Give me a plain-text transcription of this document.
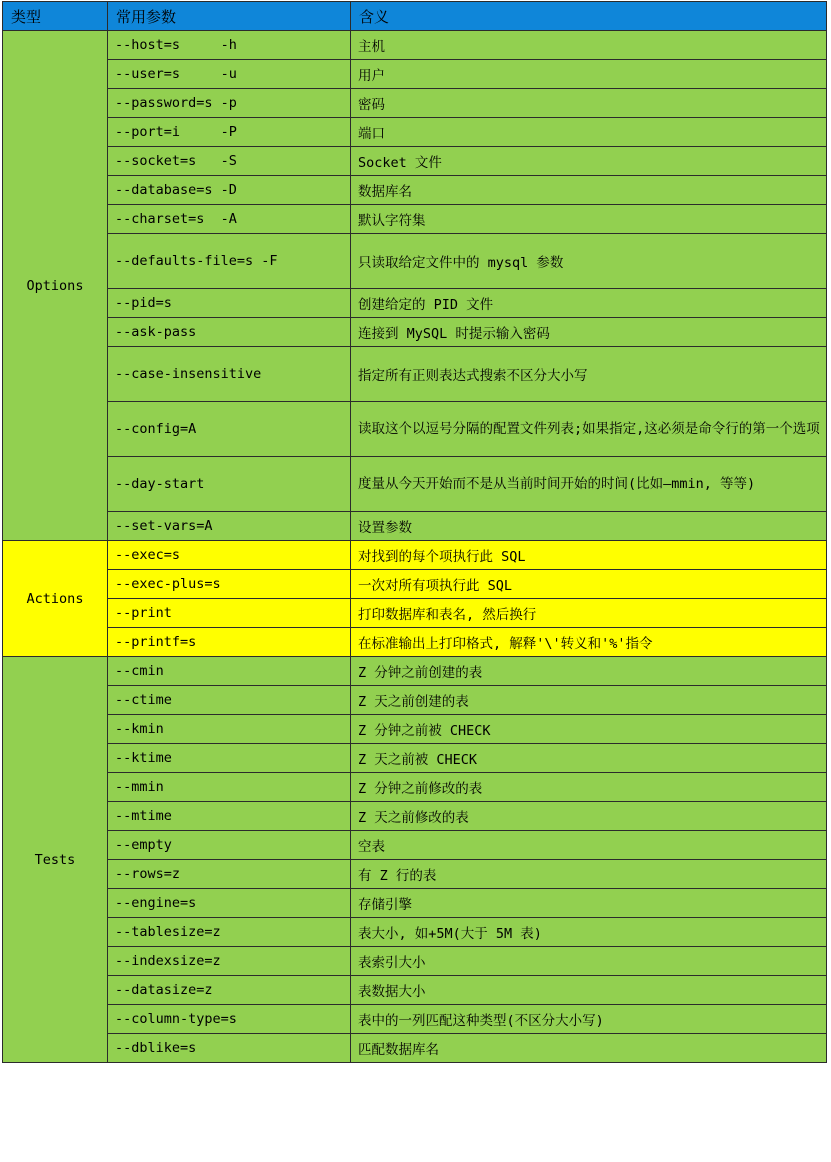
类型	常用参数	含义
Options	--host=s     -h	主机
	--user=s     -u	用户
	--password=s -p	密码
	--port=i     -P	端口
	--socket=s   -S	Socket 文件
	--database=s -D	数据库名
	--charset=s  -A	默认字符集
	--defaults-file=s -F	只读取给定文件中的 mysql 参数
	--pid=s	创建给定的 PID 文件
	--ask-pass	连接到 MySQL 时提示输入密码
	--case-insensitive	指定所有正则表达式搜索不区分大小写
	--config=A	读取这个以逗号分隔的配置文件列表;如果指定,这必须是命令行的第一个选项
	--day-start	度量从今天开始而不是从当前时间开始的时间(比如—mmin, 等等)
	--set-vars=A	设置参数
Actions	--exec=s	对找到的每个项执行此 SQL
	--exec-plus=s	一次对所有项执行此 SQL
	--print	打印数据库和表名, 然后换行
	--printf=s	在标准输出上打印格式, 解释'\'转义和'%'指令
Tests	--cmin	Z 分钟之前创建的表
	--ctime	Z 天之前创建的表
	--kmin	Z 分钟之前被 CHECK
	--ktime	Z 天之前被 CHECK
	--mmin	Z 分钟之前修改的表
	--mtime	Z 天之前修改的表
	--empty	空表
	--rows=z	有 Z 行的表
	--engine=s	存储引擎
	--tablesize=z	表大小, 如+5M(大于 5M 表)
	--indexsize=z	表索引大小
	--datasize=z	表数据大小
	--column-type=s	表中的一列匹配这种类型(不区分大小写)
	--dblike=s	匹配数据库名
